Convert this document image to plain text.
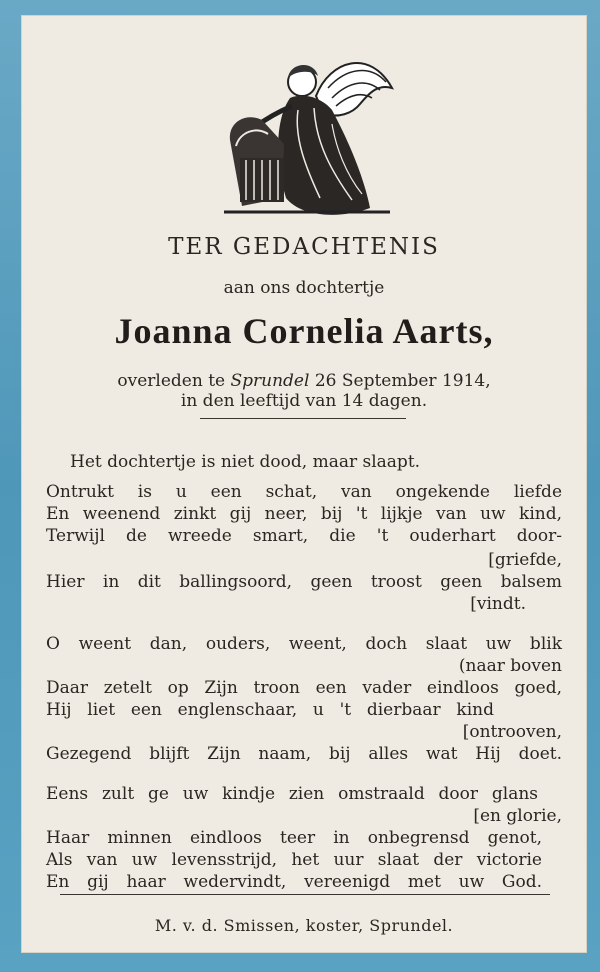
TER GEDACHTENIS
aan ons dochtertje
Joanna Cornelia Aarts,
overleden te Sprundel 26 September 1914,
in den leeftijd van 14 dagen.
Het dochtertje is niet dood, maar slaapt.
Ontrukt is u een schat, van ongekende liefde
En weenend zinkt gij neer, bij 't lijkje van uw kind,
Terwijl de wreede smart, die 't ouderhart door-
[griefde,
Hier in dit ballingsoord, geen troost geen balsem
[vindt.
O weent dan, ouders, weent, doch slaat uw blik
(naar boven
Daar zetelt op Zijn troon een vader eindloos goed,
Hij liet een englenschaar, u 't dierbaar kind
[ontrooven,
Gezegend blijft Zijn naam, bij alles wat Hij doet.
Eens zult ge uw kindje zien omstraald door glans
[en glorie,
Haar minnen eindloos teer in onbegrensd genot,
Als van uw levensstrijd, het uur slaat der victorie
En gij haar wedervindt, vereenigd met uw God.
M. v. d. Smissen, koster, Sprundel.
